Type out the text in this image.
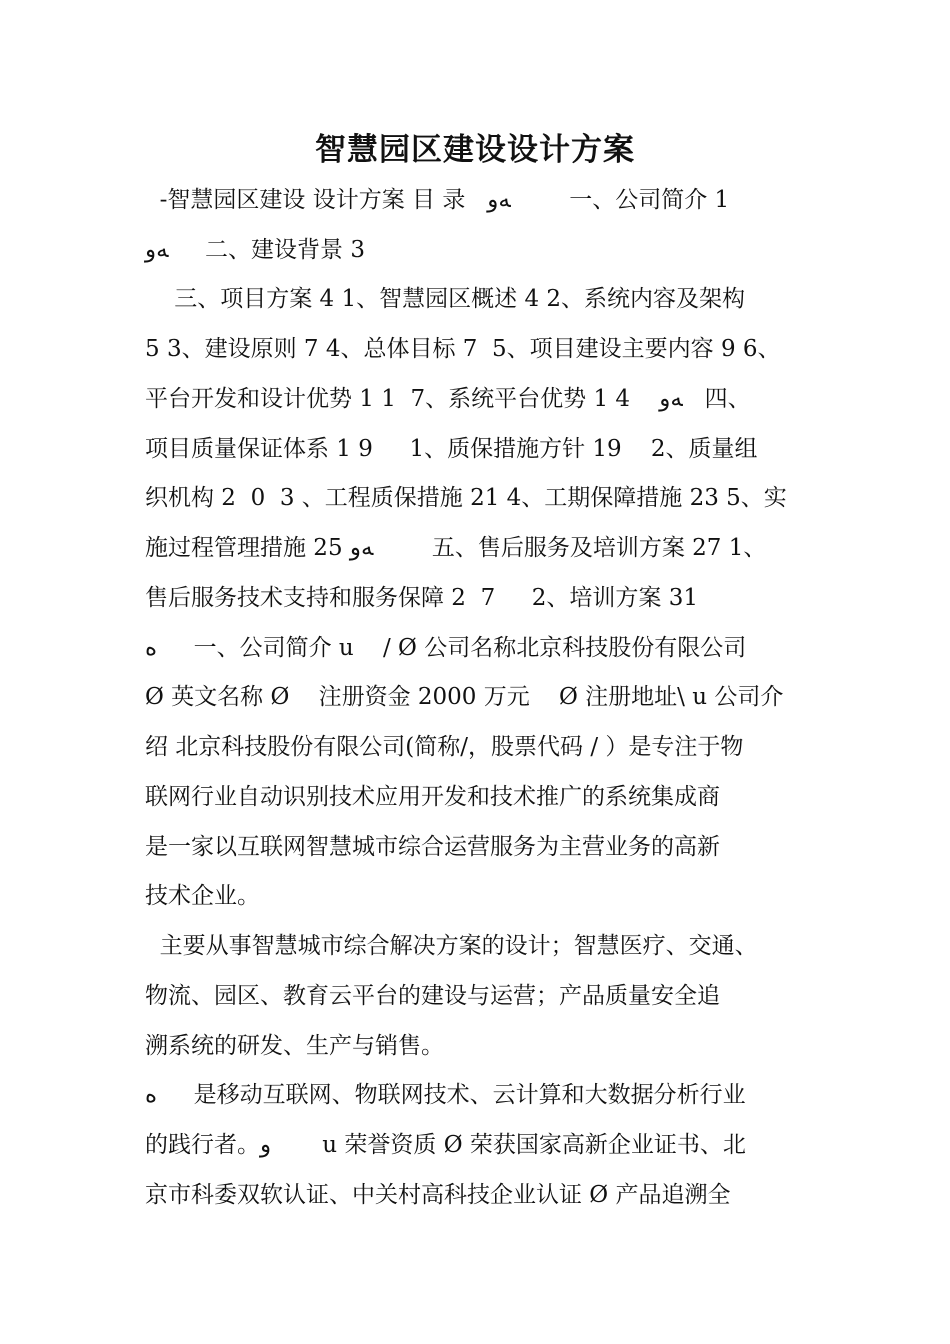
智慧园区建设设计方案

-智慧园区建设 设计方案 目 录   ﻪﻭ        一、公司简介 1

ﻪﻭ     二、建设背景 3

三、项目方案 4 1、智慧园区概述 4 2、系统内容及架构

5 3、建设原则 7 4、总体目标 7  5、项目建设主要内容 9 6、

平台开发和设计优势 1 1  7、系统平台优势 1 4    ﻪﻭ   四、

项目质量保证体系 1 9     1、质保措施方针 19    2、质量组

织机构 2  0  3 、工程质保措施 21 4、工期保障措施 23 5、实

施过程管理措施 25 ﻪﻭ        五、售后服务及培训方案 27 1、

售后服务技术支持和服务保障 2  7     2、培训方案 31

ﻩ     一、公司简介 u    / Ø 公司名称北京科技股份有限公司

Ø 英文名称 Ø    注册资金 2000 万元    Ø 注册地址\ u 公司介

绍 北京科技股份有限公司(简称/，股票代码 / ）是专注于物

联网行业自动识别技术应用开发和技术推广的系统集成商

是一家以互联网智慧城市综合运营服务为主营业务的高新

技术企业。

主要从事智慧城市综合解决方案的设计；智慧医疗、交通、

物流、园区、教育云平台的建设与运营；产品质量安全追

溯系统的研发、生产与销售。

ﻩ     是移动互联网、物联网技术、云计算和大数据分析行业

的践行者。ﻭ       u 荣誉资质 Ø 荣获国家高新企业证书、北

京市科委双软认证、中关村高科技企业认证 Ø 产品追溯全
